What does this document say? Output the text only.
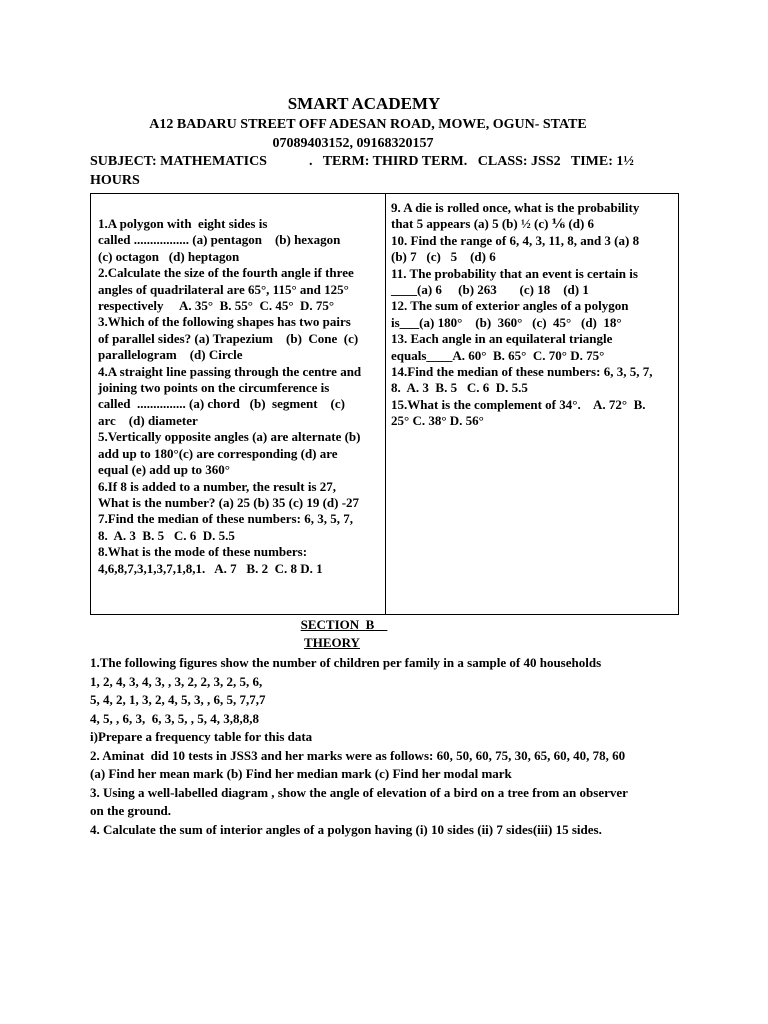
SMART ACADEMY
A12 BADARU STREET OFF ADESAN ROAD, MOWE, OGUN- STATE
07089403152, 09168320157
SUBJECT: MATHEMATICS            .   TERM: THIRD TERM.   CLASS: JSS2   TIME: 1½
HOURS
1.A polygon with  eight sides is
called ................. (a) pentagon    (b) hexagon
(c) octagon   (d) heptagon
2.Calculate the size of the fourth angle if three
angles of quadrilateral are 65°, 115° and 125°
respectively     A. 35°  B. 55°  C. 45°  D. 75°
3.Which of the following shapes has two pairs
of parallel sides? (a) Trapezium    (b)  Cone  (c)
parallelogram    (d) Circle
4.A straight line passing through the centre and
joining two points on the circumference is
called  ............... (a) chord   (b)  segment    (c)
arc    (d) diameter
5.Vertically opposite angles (a) are alternate (b)
add up to 180°(c) are corresponding (d) are
equal (e) add up to 360°
6.If 8 is added to a number, the result is 27,
What is the number? (a) 25 (b) 35 (c) 19 (d) -27
7.Find the median of these numbers: 6, 3, 5, 7,
8.  A. 3  B. 5   C. 6  D. 5.5
8.What is the mode of these numbers:
4,6,8,7,3,1,3,7,1,8,1.   A. 7   B. 2  C. 8 D. 1
9. A die is rolled once, what is the probability
that 5 appears (a) 5 (b) ½ (c) ⅙ (d) 6
10. Find the range of 6, 4, 3, 11, 8, and 3 (a) 8
(b) 7   (c)   5    (d) 6
11. The probability that an event is certain is
____(a) 6     (b) 263       (c) 18    (d) 1
12. The sum of exterior angles of a polygon
is___(a) 180°    (b)  360°   (c)  45°   (d)  18°
13. Each angle in an equilateral triangle
equals____A. 60°  B. 65°  C. 70° D. 75°
14.Find the median of these numbers: 6, 3, 5, 7,
8.  A. 3  B. 5   C. 6  D. 5.5
15.What is the complement of 34°.    A. 72°  B.
25° C. 38° D. 56°
SECTION  B
THEORY
1.The following figures show the number of children per family in a sample of 40 households
1, 2, 4, 3, 4, 3, , 3, 2, 2, 3, 2, 5, 6,
5, 4, 2, 1, 3, 2, 4, 5, 3, , 6, 5, 7,7,7
4, 5, , 6, 3,  6, 3, 5, , 5, 4, 3,8,8,8
i)Prepare a frequency table for this data
2. Aminat  did 10 tests in JSS3 and her marks were as follows: 60, 50, 60, 75, 30, 65, 60, 40, 78, 60
(a) Find her mean mark (b) Find her median mark (c) Find her modal mark
3. Using a well-labelled diagram , show the angle of elevation of a bird on a tree from an observer
on the ground.
4. Calculate the sum of interior angles of a polygon having (i) 10 sides (ii) 7 sides(iii) 15 sides.
